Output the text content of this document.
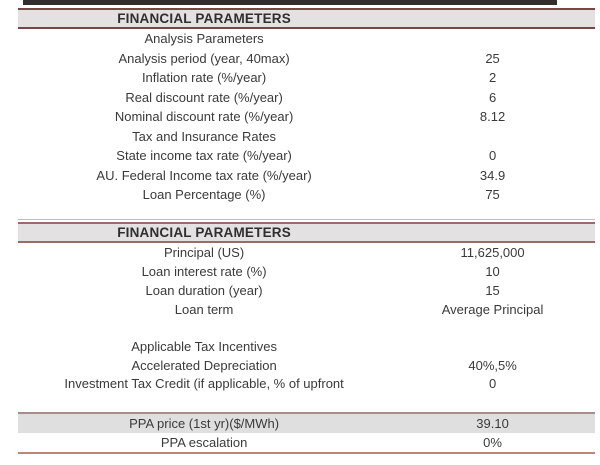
FINANCIAL PARAMETERS
Analysis Parameters
Analysis period (year, 40max)	25
Inflation rate (%/year)	2
Real discount rate (%/year)	6
Nominal discount rate (%/year)	8.12
Tax and Insurance Rates
State income tax rate (%/year)	0
AU. Federal Income tax rate (%/year)	34.9
Loan Percentage (%)	75
FINANCIAL PARAMETERS
Principal (US)	11,625,000
Loan interest rate (%)	10
Loan duration (year)	15
Loan term	Average Principal
Applicable Tax Incentives
Accelerated Depreciation	40%,5%
Investment Tax Credit (if applicable, % of upfront	0
PPA price (1st yr)($/MWh)	39.10
PPA escalation	0%
